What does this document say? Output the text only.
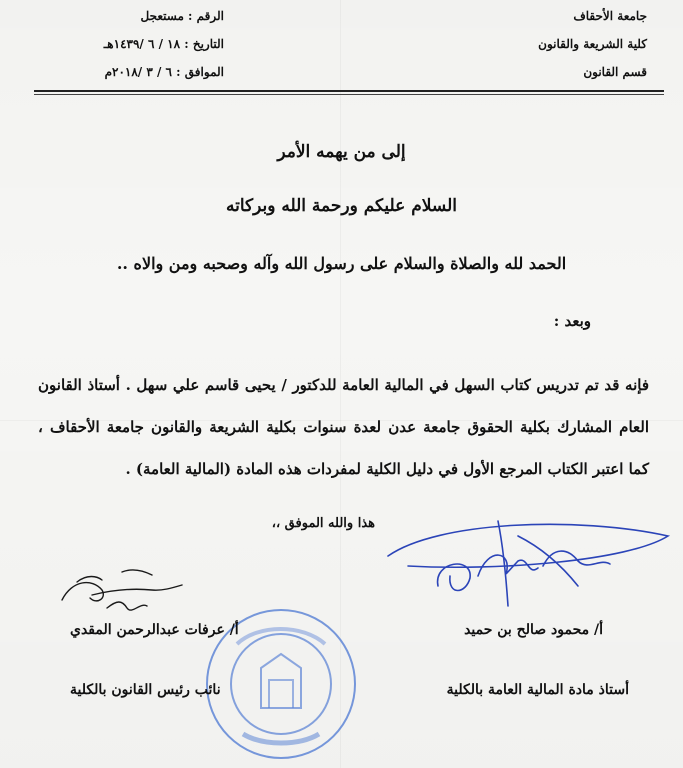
جامعة الأحقاف
كلية الشريعة والقانون
قسم القانون
الرقم : مستعجل
التاريخ : ١٨ / ٦ /١٤٣٩هـ
الموافق : ٦ / ٣ /٢٠١٨م
إلى من يهمه الأمر
السلام عليكم ورحمة الله وبركاته
الحمد لله والصلاة والسلام على رسول الله وآله وصحبه ومن والاه ..
وبعد :
فإنه قد تم تدريس كتاب السهل في المالية العامة للدكتور / يحيى قاسم علي سهل . أستاذ القانون العام المشارك بكلية الحقوق جامعة عدن لعدة سنوات بكلية الشريعة والقانون جامعة الأحقاف ، كما اعتبر الكتاب المرجع الأول في دليل الكلية لمفردات هذه المادة (المالية العامة) .
هذا والله الموفق ،،
أ/ محمود صالح بن حميد
أستاذ مادة المالية العامة بالكلية
أ/ عرفات عبدالرحمن المقدي
نائب رئيس القانون بالكلية
